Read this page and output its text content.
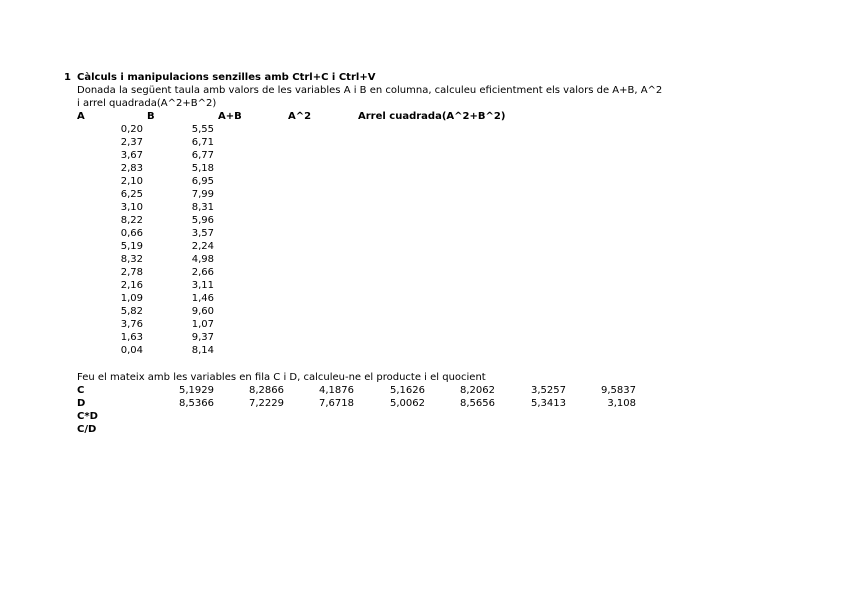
1 Càlculs i manipulacions senzilles amb Ctrl+C i Ctrl+V
Donada la següent taula amb valors de les variables A i B en columna, calculeu eficientment els valors de A+B, A^2
i arrel quadrada(A^2+B^2)
A	B	A+B	A^2	Arrel cuadrada(A^2+B^2)
0,20	5,55
2,37	6,71
3,67	6,77
2,83	5,18
2,10	6,95
6,25	7,99
3,10	8,31
8,22	5,96
0,66	3,57
5,19	2,24
8,32	4,98
2,78	2,66
2,16	3,11
1,09	1,46
5,82	9,60
3,76	1,07
1,63	9,37
0,04	8,14
Feu el mateix amb les variables en fila C i D, calculeu-ne el producte i el quocient
C	5,1929	8,2866	4,1876	5,1626	8,2062	3,5257	9,5837
D	8,5366	7,2229	7,6718	5,0062	8,5656	5,3413	3,108
C*D
C/D
